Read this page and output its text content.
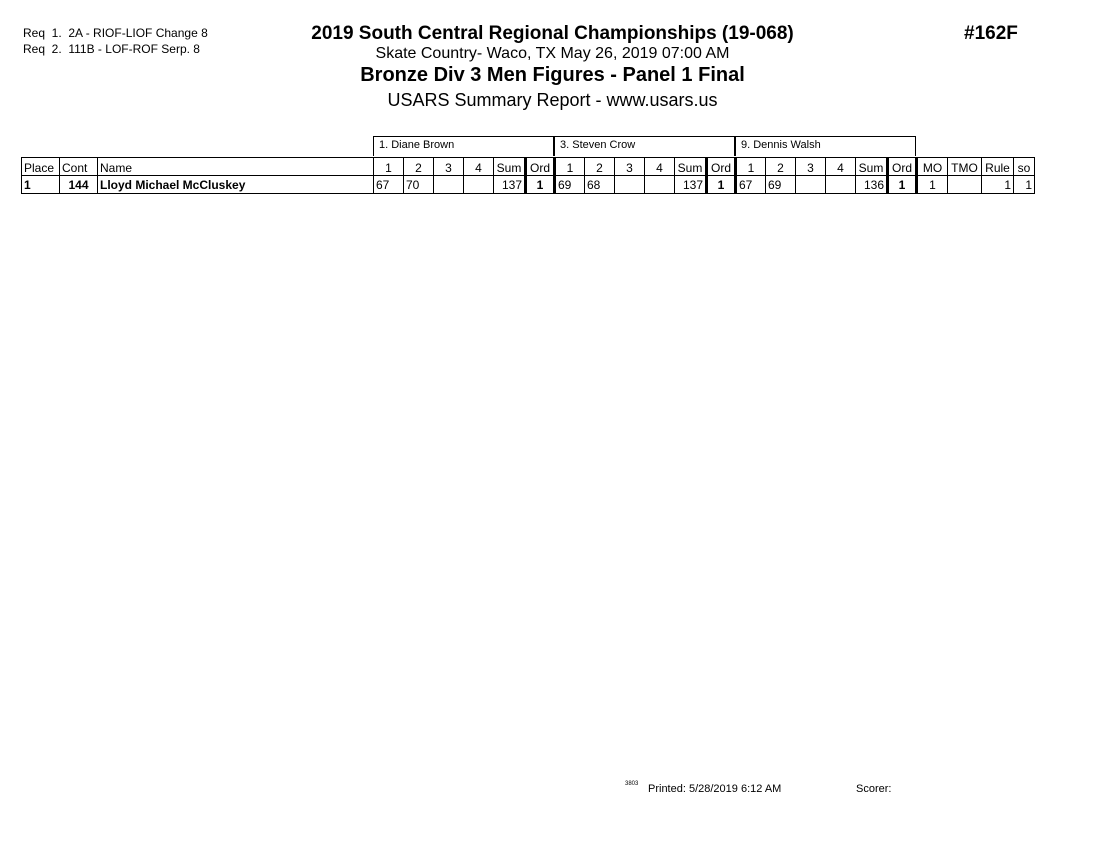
Req  1.  2A - RIOF-LIOF Change 8
Req  2.  111B - LOF-ROF Serp. 8
2019 South Central Regional Championships (19-068)
Skate Country- Waco, TX May 26, 2019 07:00 AM
Bronze Div 3 Men Figures - Panel 1 Final
USARS Summary Report - www.usars.us
#162F
1. Diane Brown	3. Steven Crow	9. Dennis Walsh
Place	Cont	Name	1	2	3	4	Sum	Ord	1	2	3	4	Sum	Ord	1	2	3	4	Sum	Ord	MO	TMO	Rule	so
1	144	Lloyd Michael McCluskey	67	70			137	1	69	68			137	1	67	69			136	1	1		1	1
3803 Printed: 5/28/2019 6:12 AM	Scorer:
